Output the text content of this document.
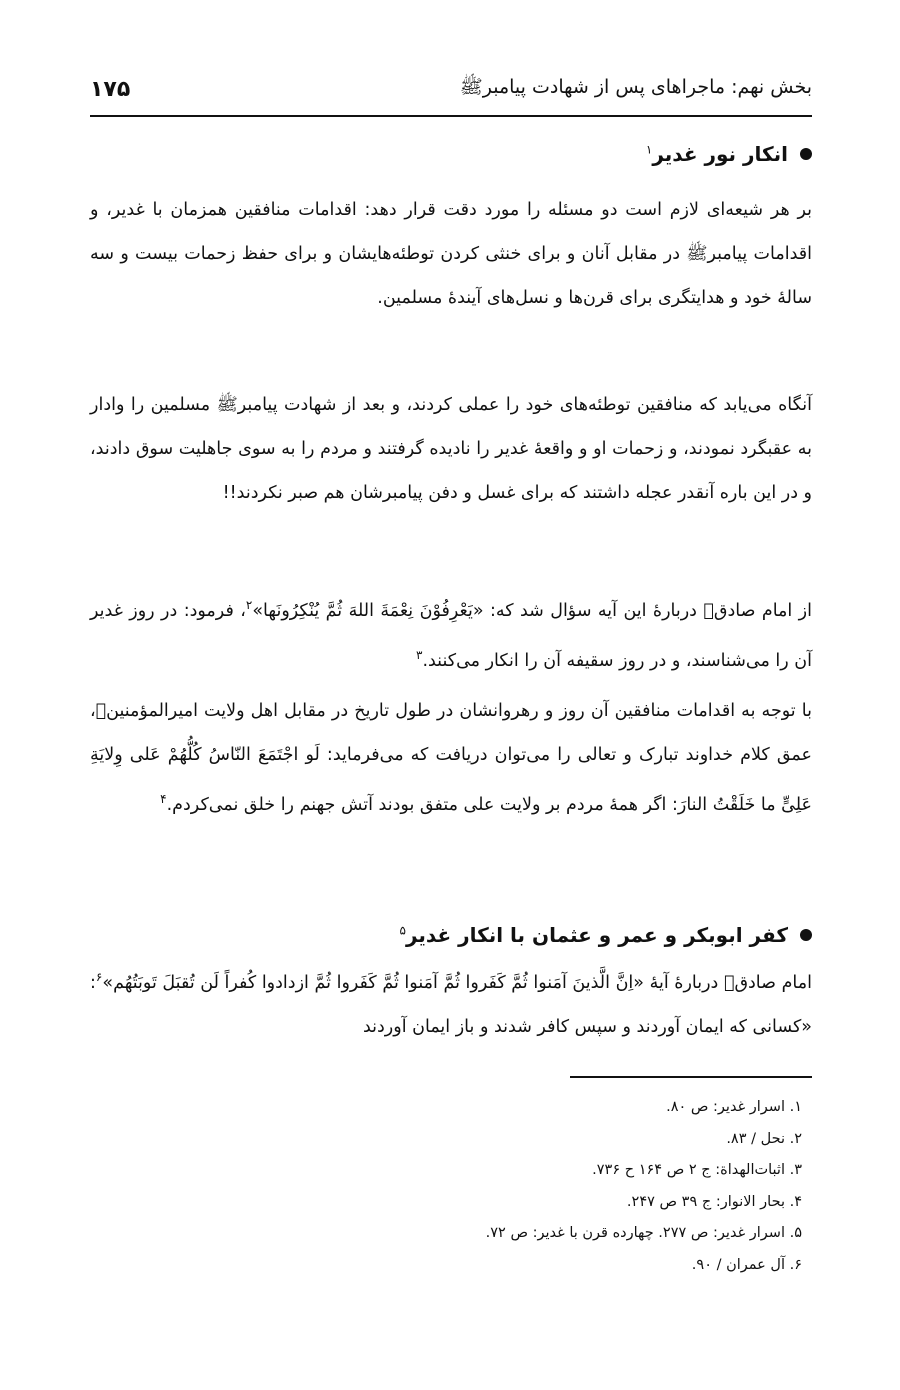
بخش نهم: ماجراهای پس از شهادت پیامبرﷺ
۱۷۵
انکار نور غدیر$^۱$

بر هر شیعه‌ای لازم است دو مسئله را مورد دقت قرار دهد: اقدامات منافقین همزمان با غدیر، و اقدامات پیامبرﷺ در مقابل آنان و برای خنثی کردن توطئه‌هایشان و برای حفظ زحمات بیست و سه سالهٔ خود و هدایتگری برای قرن‌ها و نسل‌های آیندهٔ مسلمین.

آنگاه می‌یابد که منافقین توطئه‌های خود را عملی کردند، و بعد از شهادت پیامبرﷺ مسلمین را وادار به عقبگرد نمودند، و زحمات او و واقعهٔ غدیر را نادیده گرفتند و مردم را به سوی جاهلیت سوق دادند، و در این باره آنقدر عجله داشتند که برای غسل و دفن پیامبرشان هم صبر نکردند!!

از امام صادقؑ دربارهٔ این آیه سؤال شد که: «یَعْرِفُوْنَ نِعْمَةَ اللهَ ثُمَّ یُنْکِرُونَها»$^۲$، فرمود: در روز غدیر آن را می‌شناسند، و در روز سقیفه آن را انکار می‌کنند.$^۳$

با توجه به اقدامات منافقین آن روز و رهروانشان در طول تاریخ در مقابل اهل ولایت امیرالمؤمنینؑ، عمق کلام خداوند تبارک و تعالی را می‌توان دریافت که می‌فرماید: لَو اجْتَمَعَ النّاسُ کُلُّهُمْ عَلی وِلایَةِ عَلِیٍّ ما خَلَقْتُ النارَ: اگر همهٔ مردم بر ولایت علی متفق بودند آتش جهنم را خلق نمی‌کردم.$^۴$

کفر ابوبکر و عمر و عثمان با انکار غدیر$^۵$

امام صادقؑ دربارهٔ آیهٔ «اِنَّ الَّذینَ آمَنوا ثُمَّ کَفَروا ثُمَّ آمَنوا ثُمَّ کَفَروا ثُمَّ ازدادوا کُفراً لَن تُقبَلَ تَوبَتُهُم»$^۶$: «کسانی که ایمان آوردند و سپس کافر شدند و باز ایمان آوردند

۱. اسرار غدیر: ص ۸۰.
۲. نحل / ۸۳.
۳. اثبات‌الهداة: ج ۲ ص ۱۶۴ ح ۷۳۶.
۴. بحار الانوار: ج ۳۹ ص ۲۴۷.
۵. اسرار غدیر: ص ۲۷۷. چهارده قرن با غدیر: ص ۷۲.
۶. آل عمران / ۹۰.
